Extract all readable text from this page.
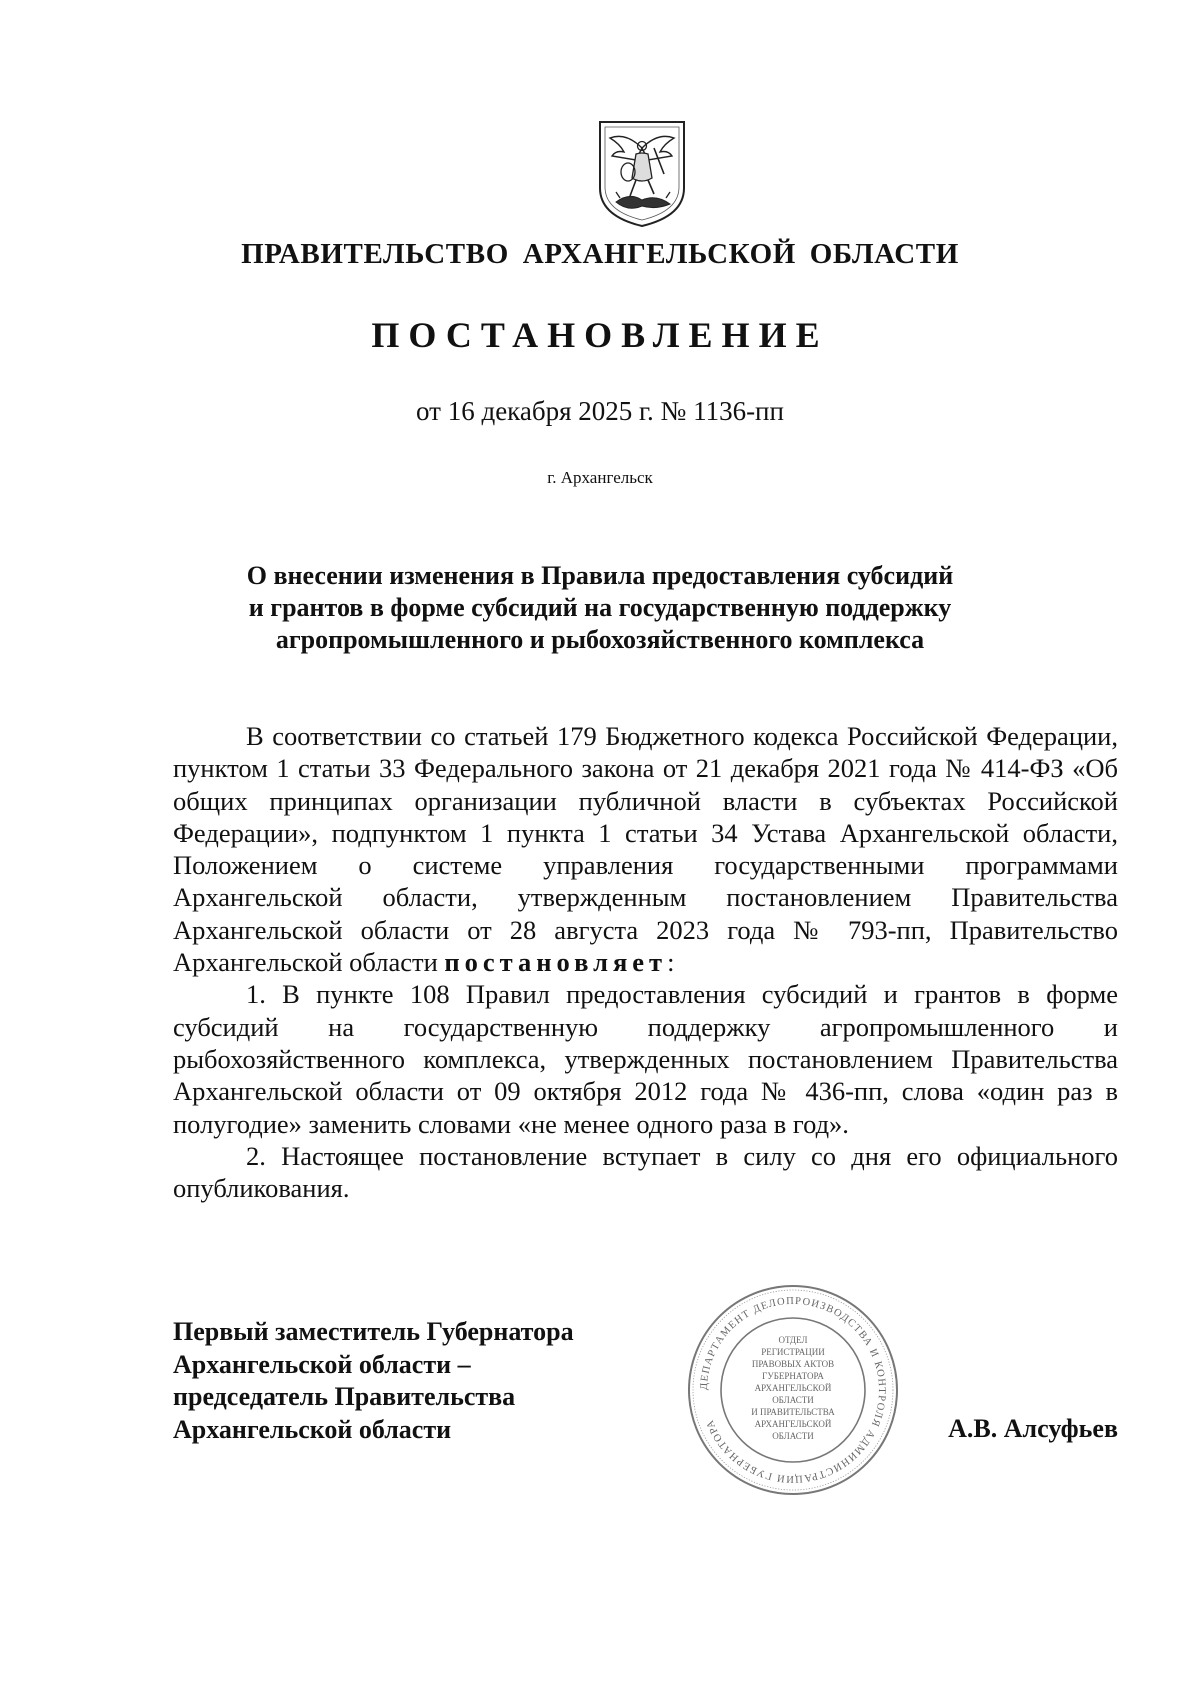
ПРАВИТЕЛЬСТВО АРХАНГЕЛЬСКОЙ ОБЛАСТИ
ПОСТАНОВЛЕНИЕ
от 16 декабря 2025 г. № 1136-пп
г. Архангельск
О внесении изменения в Правила предоставления субсидий
и грантов в форме субсидий на государственную поддержку
агропромышленного и рыбохозяйственного комплекса

В соответствии со статьей 179 Бюджетного кодекса Российской Федерации, пунктом 1 статьи 33 Федерального закона от 21 декабря 2021 года № 414-ФЗ «Об общих принципах организации публичной власти в субъектах Российской Федерации», подпунктом 1 пункта 1 статьи 34 Устава Архангельской области, Положением о системе управления государственными программами Архангельской области, утвержденным постановлением Правительства Архангельской области от 28 августа 2023 года № 793-пп, Правительство Архангельской области постановляет:

1. В пункте 108 Правил предоставления субсидий и грантов в форме субсидий на государственную поддержку агропромышленного и рыбохозяйственного комплекса, утвержденных постановлением Правительства Архангельской области от 09 октября 2012 года № 436-пп, слова «один раз в полугодие» заменить словами «не менее одного раза в год».

2. Настоящее постановление вступает в силу со дня его официального опубликования.

Первый заместитель Губернатора
Архангельской области –
председатель Правительства
Архангельской области
ДЕПАРТАМЕНТ ДЕЛОПРОИЗВОДСТВА И КОНТРОЛЯ АДМИНИСТРАЦИИ ГУБЕРНАТОРА
ОТДЕЛ
РЕГИСТРАЦИИ
ПРАВОВЫХ АКТОВ
ГУБЕРНАТОРА
АРХАНГЕЛЬСКОЙ
ОБЛАСТИ
И ПРАВИТЕЛЬСТВА
АРХАНГЕЛЬСКОЙ
ОБЛАСТИ	А.В. Алсуфьев
